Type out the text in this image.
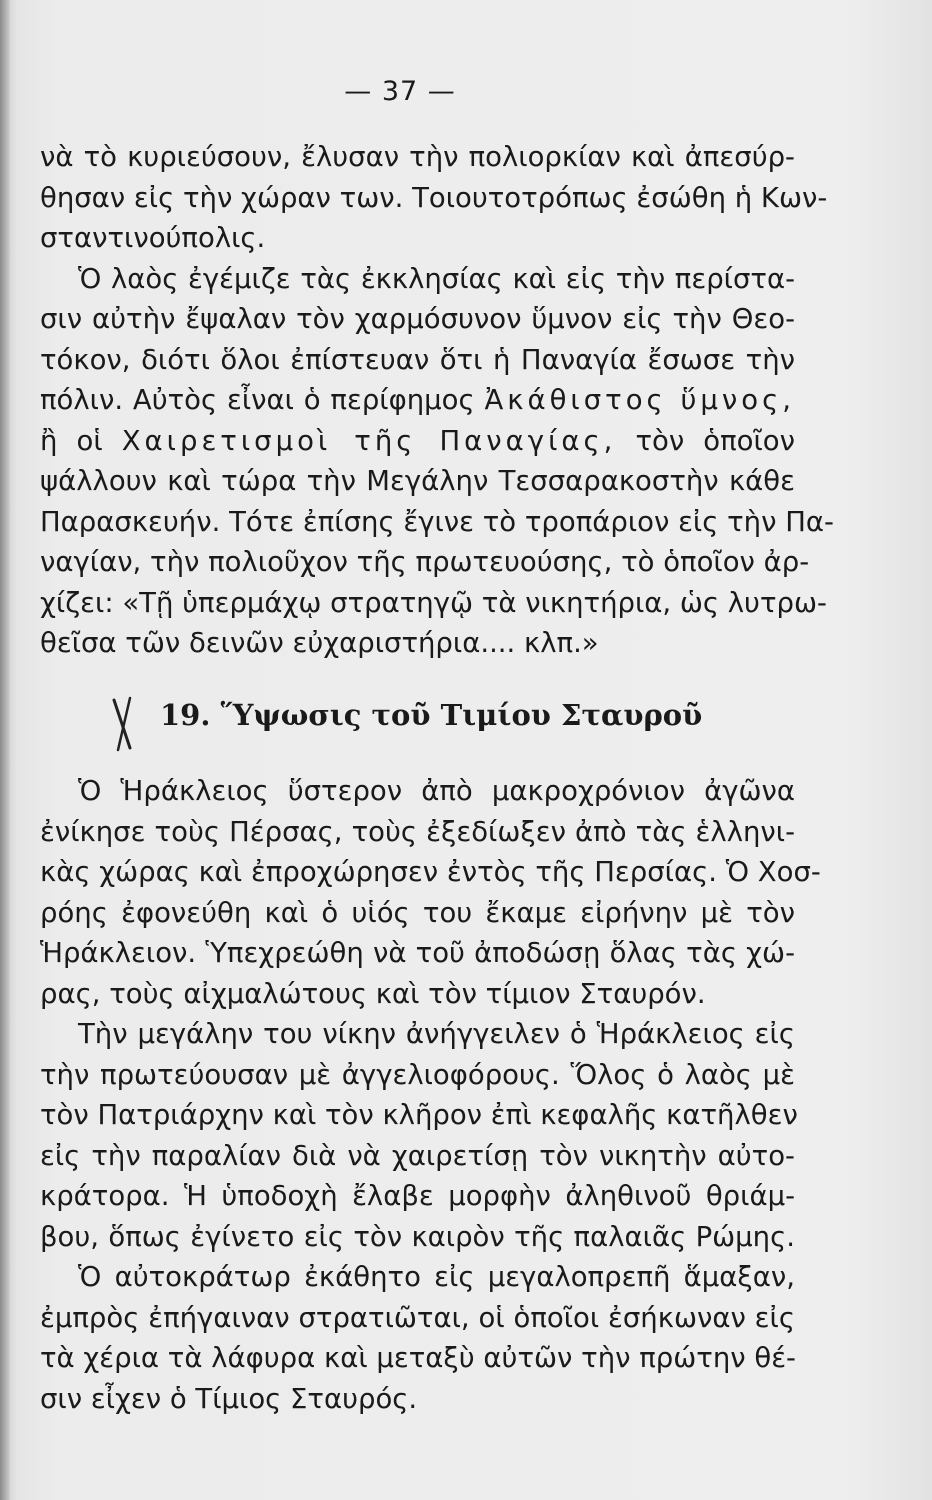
— 37 —
νὰ τὸ κυριεύσουν, ἔλυσαν τὴν πολιορκίαν καὶ ἀπεσύρ-
θησαν εἰς τὴν χώραν των. Τοιουτοτρόπως ἐσώθη ἡ Κων-
σταντινούπολις.
Ὁ λαὸς ἐγέμιζε τὰς ἐκκλησίας καὶ εἰς τὴν περίστα-
σιν αὐτὴν ἔψαλαν τὸν χαρμόσυνον ὕμνον εἰς τὴν Θεο-
τόκον, διότι ὅλοι ἐπίστευαν ὅτι ἡ Παναγία ἔσωσε τὴν
πόλιν. Αὐτὸς εἶναι ὁ περίφημος Ἀκάθιστος ὕμνος,
ἢ οἱ Χαιρετισμοὶ τῆς Παναγίας, τὸν ὁποῖον
ψάλλουν καὶ τώρα τὴν Μεγάλην Τεσσαρακοστὴν κάθε
Παρασκευήν. Τότε ἐπίσης ἔγινε τὸ τροπάριον εἰς τὴν Πα-
ναγίαν, τὴν πολιοῦχον τῆς πρωτευούσης, τὸ ὁποῖον ἀρ-
χίζει: «Τῇ ὑπερμάχῳ στρατηγῷ τὰ νικητήρια, ὡς λυτρω-
θεῖσα τῶν δεινῶν εὐχαριστήρια.... κλπ.»
19. Ὕψωσις τοῦ Τιμίου Σταυροῦ
Ὁ Ἡράκλειος ὕστερον ἀπὸ μακροχρόνιον ἀγῶνα
ἐνίκησε τοὺς Πέρσας, τοὺς ἐξεδίωξεν ἀπὸ τὰς ἑλληνι-
κὰς χώρας καὶ ἐπροχώρησεν ἐντὸς τῆς Περσίας. Ὁ Χοσ-
ρόης ἐφονεύθη καὶ ὁ υἱός του ἔκαμε εἰρήνην μὲ τὸν
Ἡράκλειον. Ὑπεχρεώθη νὰ τοῦ ἀποδώσῃ ὅλας τὰς χώ-
ρας, τοὺς αἰχμαλώτους καὶ τὸν τίμιον Σταυρόν.
Τὴν μεγάλην του νίκην ἀνήγγειλεν ὁ Ἡράκλειος εἰς
τὴν πρωτεύουσαν μὲ ἀγγελιοφόρους. Ὅλος ὁ λαὸς μὲ
τὸν Πατριάρχην καὶ τὸν κλῆρον ἐπὶ κεφαλῆς κατῆλθεν
εἰς τὴν παραλίαν διὰ νὰ χαιρετίσῃ τὸν νικητὴν αὐτο-
κράτορα. Ἡ ὑποδοχὴ ἔλαβε μορφὴν ἀληθινοῦ θριάμ-
βου, ὅπως ἐγίνετο εἰς τὸν καιρὸν τῆς παλαιᾶς Ρώμης.
Ὁ αὐτοκράτωρ ἐκάθητο εἰς μεγαλοπρεπῆ ἅμαξαν,
ἐμπρὸς ἐπήγαιναν στρατιῶται, οἱ ὁποῖοι ἐσήκωναν εἰς
τὰ χέρια τὰ λάφυρα καὶ μεταξὺ αὐτῶν τὴν πρώτην θέ-
σιν εἶχεν ὁ Τίμιος Σταυρός.
